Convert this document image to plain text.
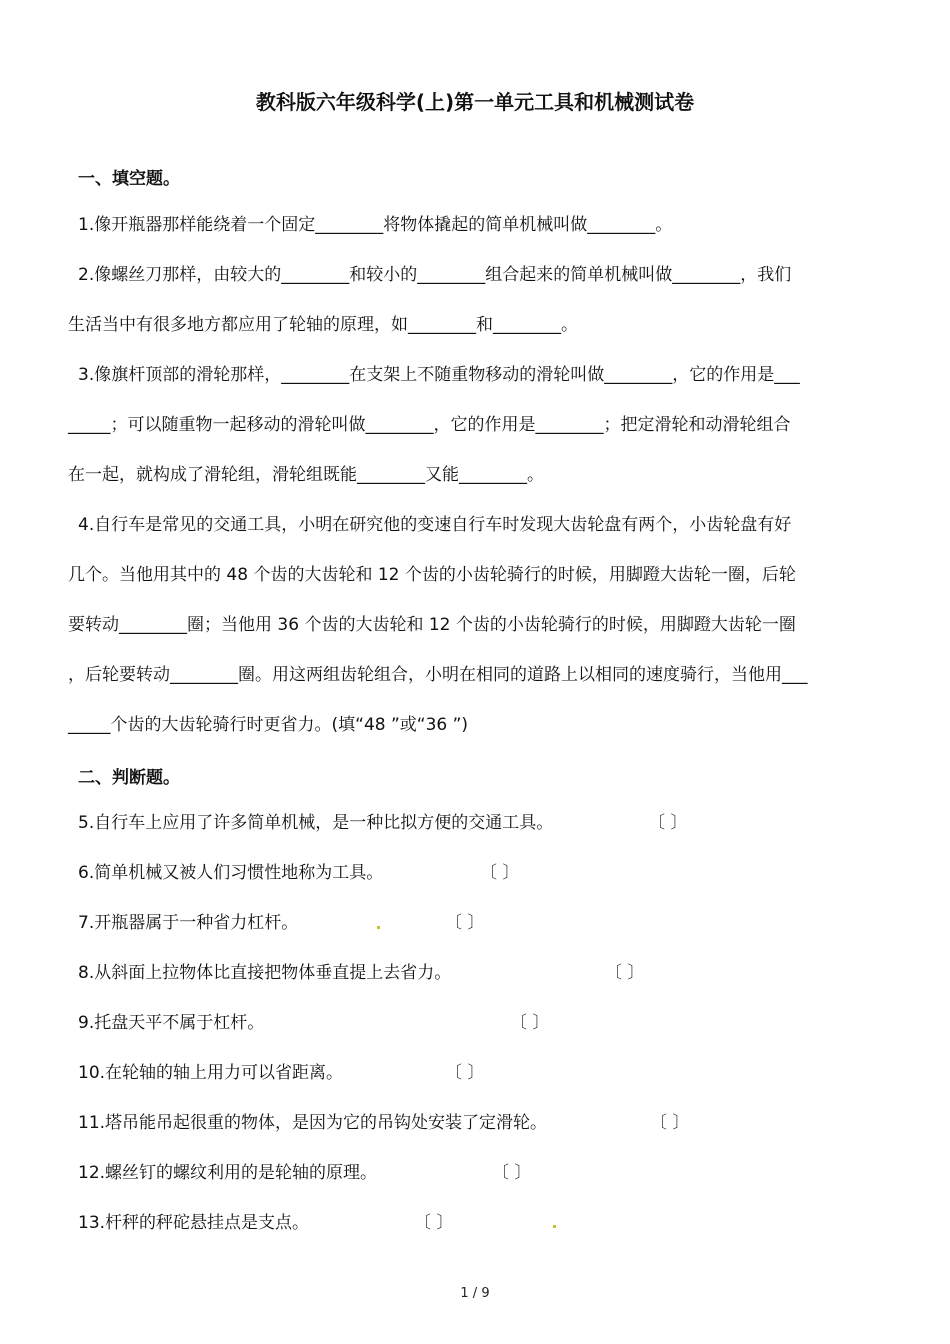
教科版六年级科学(上)第一单元工具和机械测试卷
一、填空题。
1.像开瓶器那样能绕着一个固定________将物体撬起的简单机械叫做________。
2.像螺丝刀那样，由较大的________和较小的________组合起来的简单机械叫做________，我们
生活当中有很多地方都应用了轮轴的原理，如________和________。
3.像旗杆顶部的滑轮那样，________在支架上不随重物移动的滑轮叫做________，它的作用是___
_____；可以随重物一起移动的滑轮叫做________，它的作用是________；把定滑轮和动滑轮组合
在一起，就构成了滑轮组，滑轮组既能________又能________。
4.自行车是常见的交通工具，小明在研究他的变速自行车时发现大齿轮盘有两个，小齿轮盘有好
几个。当他用其中的 48 个齿的大齿轮和 12 个齿的小齿轮骑行的时候，用脚蹬大齿轮一圈，后轮
要转动________圈；当他用 36 个齿的大齿轮和 12 个齿的小齿轮骑行的时候，用脚蹬大齿轮一圈
，后轮要转动________圈。用这两组齿轮组合，小明在相同的道路上以相同的速度骑行，当他用___
_____个齿的大齿轮骑行时更省力。(填“48 ”或“36 ”)
二、判断题。
5.自行车上应用了许多简单机械，是一种比拟方便的交通工具。	〔 〕
6.简单机械又被人们习惯性地称为工具。	〔 〕
7.开瓶器属于一种省力杠杆。	〔 〕
8.从斜面上拉物体比直接把物体垂直提上去省力。	〔 〕
9.托盘天平不属于杠杆。	〔 〕
10.在轮轴的轴上用力可以省距离。	〔 〕
11.塔吊能吊起很重的物体，是因为它的吊钩处安装了定滑轮。	〔 〕
12.螺丝钉的螺纹利用的是轮轴的原理。	〔 〕
13.杆秤的秤砣悬挂点是支点。	〔 〕
1 / 9
